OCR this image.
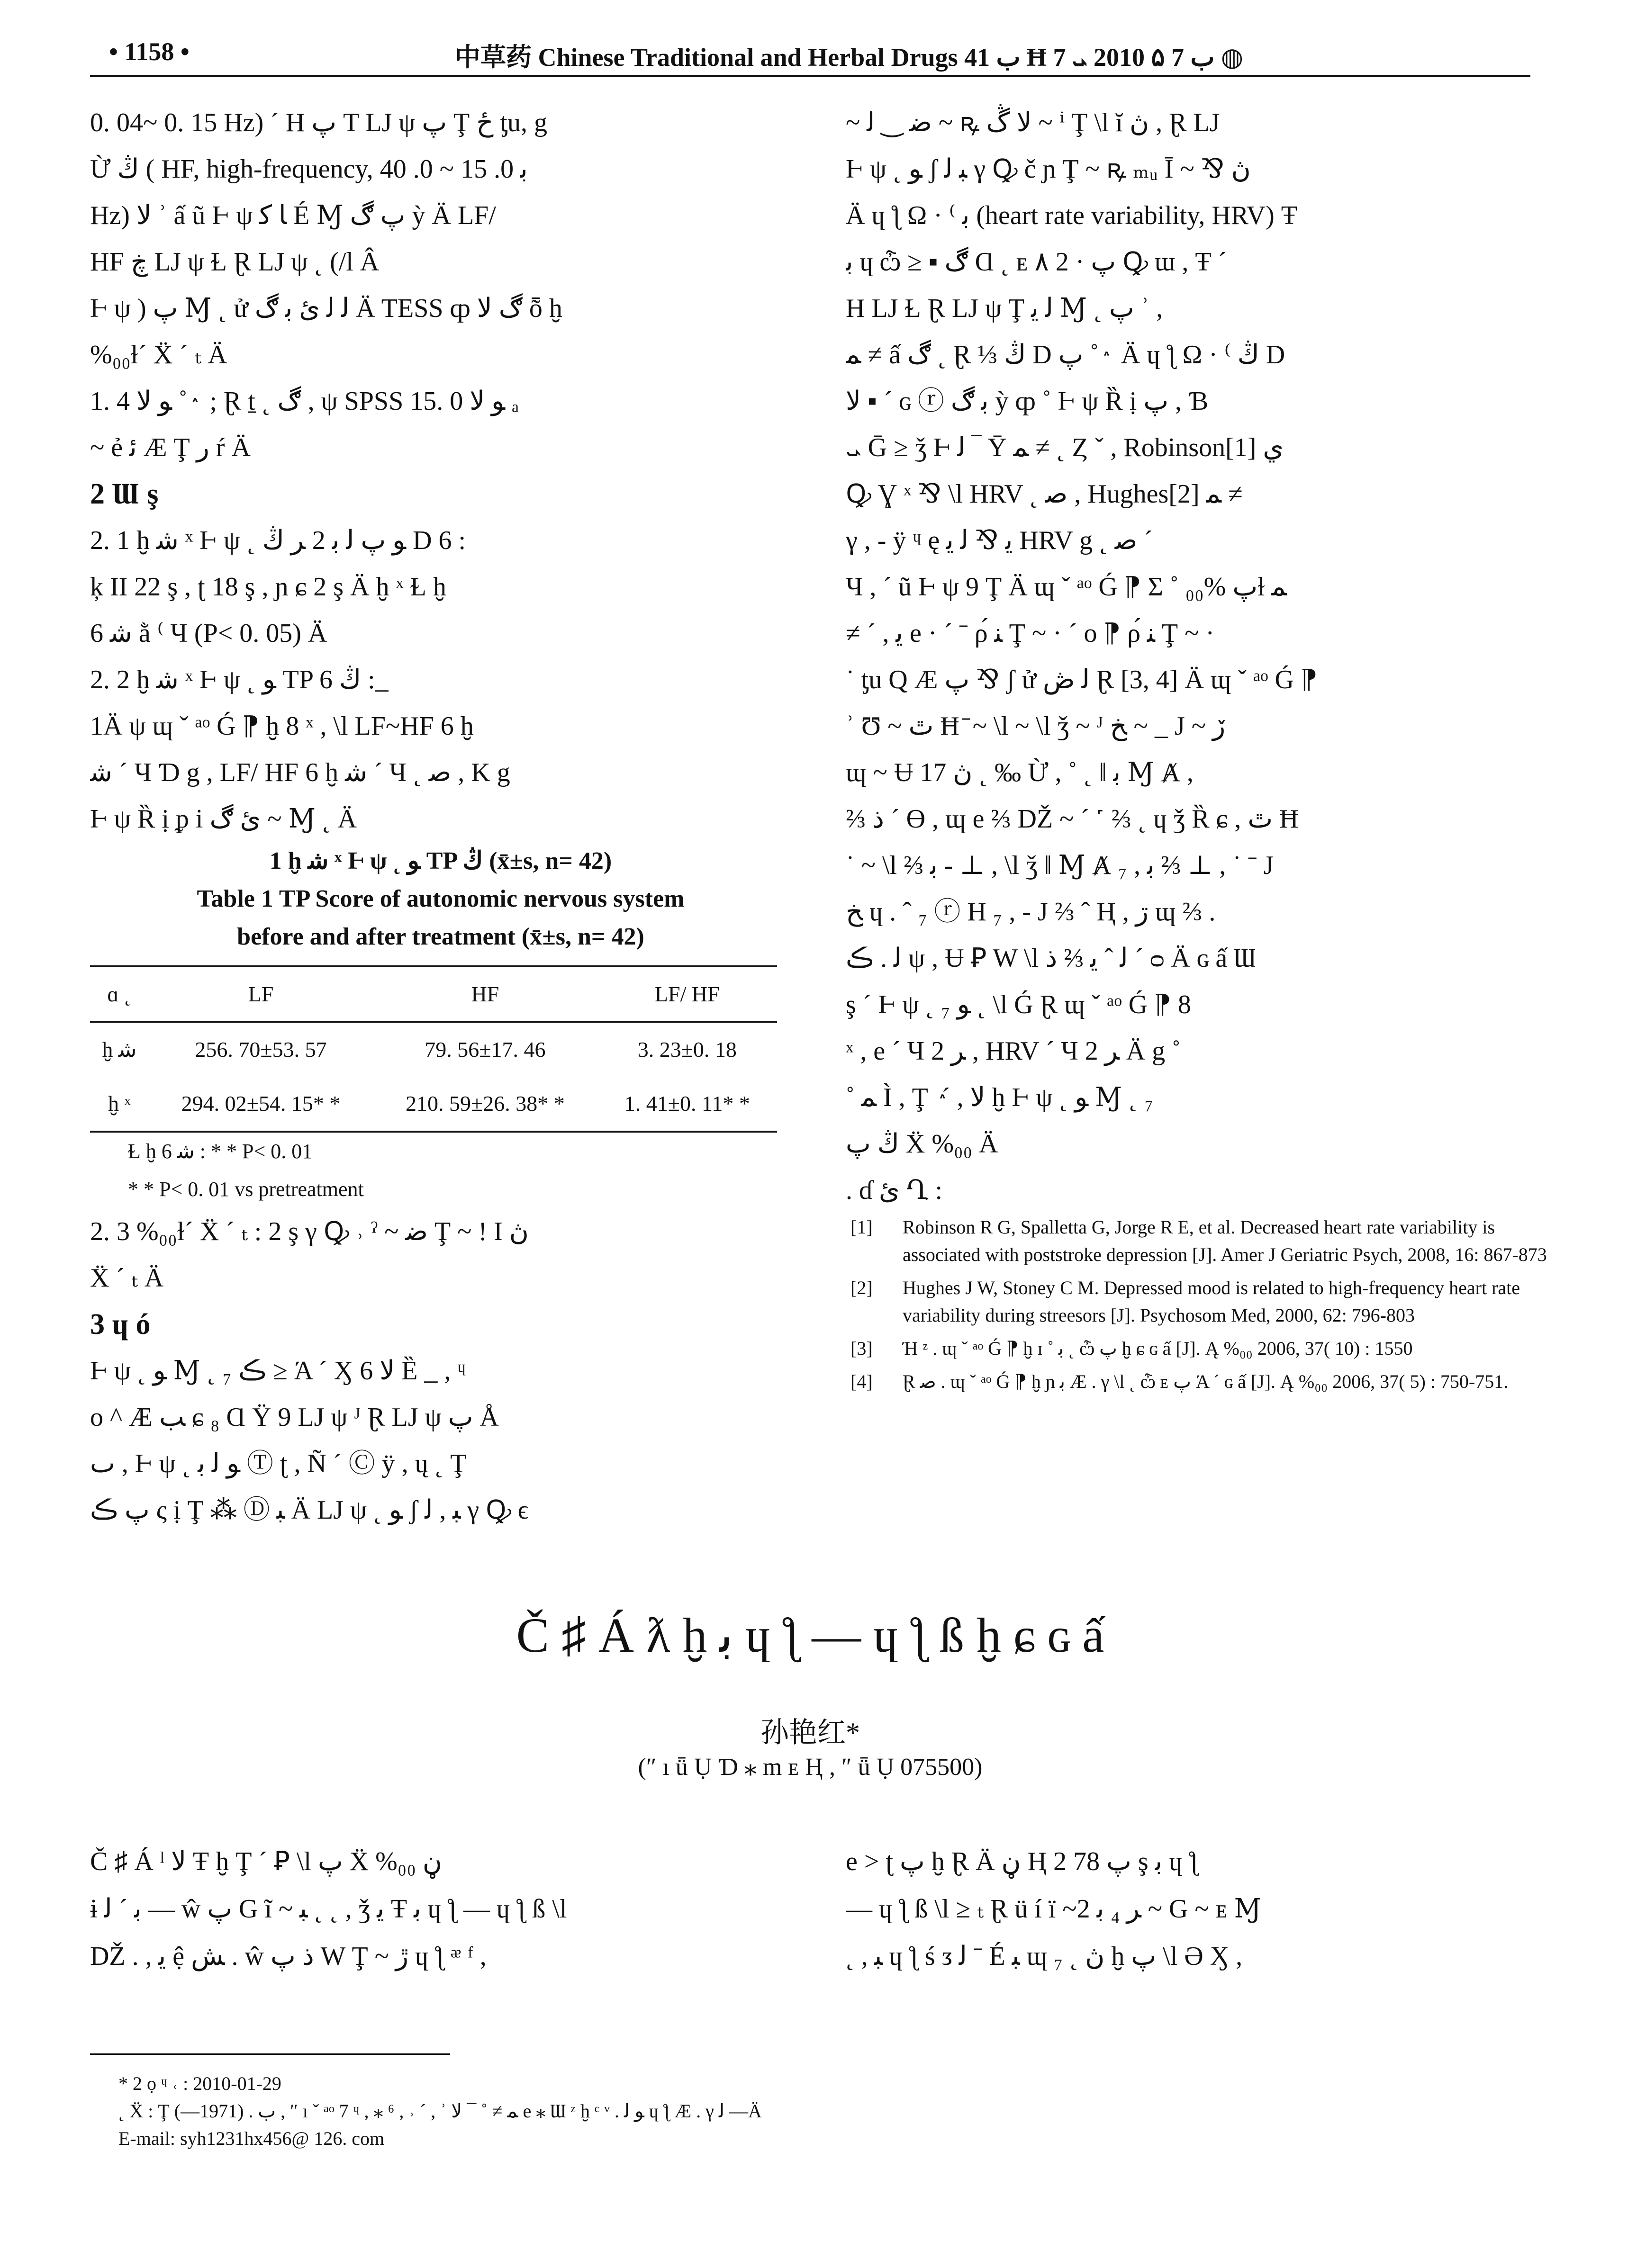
• 1158 •	中草药 Chinese Traditional and Herbal Drugs ب 41 Ħ ب 7 ۵ 2010 ܝ 7 ◍

0. 04~ 0. 15 Hz) ´ H پ T LJ ψ پ Ţ ځ ƫu, g

Ừ ڭ ( HF, high-frequency, ﺑ 0. 15 ~ 0. 40

Hz) ﻻ ʾ ấ ũ Ⱶ ψ ﺎ ﻛ É Ɱ پ ڰ ỳ Ä LF/

HF ڿ LJ ψ Ɫ Ɽ LJ ψ ˛ (/l Â

Ⱶ ψ ) پ Ɱ ˛ ử ﻟ ﻟ ﺉ ﺑ ڰ Ä TESS ȹ ڰ ﻻ ȭ ḫ

%₀₀ɫ´ Ẍ ´ ₜ Ä

1. 4 ﻮ ﻻ ˚ ٛ ; Ɽ ṯ ˛ ڰ , ψ SPSS 15. 0 ﻮ ﻻ ₐ

~ ẻ ﺋ Æ Ţ ﺭ ŕ Ä

2 Ɯ ş

2. 1 ḫ ﺷ ˣ Ⱶ ψ ˛ ﻮ پ ﻟ ﺑ 2 ﺮ ڭ D 6 :

ķ II 22 ş , ʈ 18 ş , ɲ ɕ 2 ş Ä ḫ ˣ Ɫ ḫ

ﺷ 6 ằ ⁽ Ч (P< 0. 05) Ä

2. 2 ḫ ﺷ ˣ Ⱶ ψ ˛ ﻮ TP ڭ 6 :_

1Ä ψ ɰ ˇ ᵃᵒ Ǵ ⁋ ḫ 8 ˣ , \l LF~HF 6 ḫ

ﺷ ´ Ч Ɗ g , LF/ HF 6 ḫ ﺷ ´ Ч ˛ ﺻ , K g

Ⱶ ψ Ȑ ị ᵱ i ﺉ ڰ ~ Ɱ ˛ Ä

1 ḫ ﺷ ˣ Ⱶ ψ ˛ ﻮ TP ڭ (x̄±s, n= 42)
Table 1 TP Score of autonomic nervous system
before and after treatment (x̄±s, n= 42)
ɑ ˛	LF	HF	LF/ HF
ḫ ﺷ	256. 70±53. 57	79. 56±17. 46	3. 23±0. 18
ḫ ˣ	294. 02±54. 15* *	210. 59±26. 38* *	1. 41±0. 11* *
Ɫ ḫ ﺷ 6 : * * P< 0. 01
* * P< 0. 01 vs pretreatment

2. 3 %₀₀ɫ´ Ẍ ´ ₜ : 2 ş γ Ꝙ ˒ ˀ ~ ﺿ Ţ ~ ! I ڽ

Ẍ ´ ₜ Ä

3 ɥ ó

Ⱶ ψ ˛ ﻮ Ɱ ˛ ₇ ڪ ≥ Ά ´ Ӽ 6 ﻻ Ȅ _ , ᶣ

o ^ Æ ﺐ ɕ ₈ Ɑ Ÿ 9 LJ ψ ᴶ Ɽ LJ ψ پ Å

ٮ , Ⱶ ψ ˛ ﻮ ﻟ ﺑ Ⓣ ʈ , Ñ ´ Ⓒ ÿ , ų ˛ Ţ

پ ڪ ς ị Ţ ⁂ Ⓓ ﺒ Ä LJ ψ ˛ ﻮ ʃ ﺒ , ﻟ γ Ꝙ ϵ

~ ﺿ ‿ ﻟ ~ ꝶ ﻻ ڴ ~ ⁱ Ţ \l ĭ ڽ , Ɽ LJ

Ⱶ ψ ˛ ﻮ ʃ ﺒ ﻟ γ Ꝙ č ɲ Ţ ~ ꝶ ₘᵤ Ī ~ ⅋ ڽ

Ä ɥ ƪ Ω · ⁽ ﺑ (heart rate variability, HRV) Ŧ

ﺑ ɥ ѽ ≥ ▪ ڰ Ɑ ˛ ᴇ ۸ 2 · پ Ꝙ ɯ , Ŧ ´

H LJ Ɫ Ɽ LJ ψ Ţ ﻟ ﻳ Ɱ ˛ پ ʾ ,

ﻤ ≠ ấ ڰ ˛ Ɽ ⅓ ڭ D پ ˚ ٛ Ä ɥ ƪ Ω · ⁽ ڭ D

ﻻ ▪ ´ ɢ ⓡ ﺑ ڰ ỳ ȹ ˚ Ⱶ ψ Ȑ ị پ , Ɓ

ܝ Ḡ ≥ ǯ Ⱶ ﻟ ‾ Ȳ ﻤ ≠ ˛ Ȥ ˇ , Robinson[1] ﻱ

Ꝙ Ɣ ˣ ⅋ \l HRV ˛ ﺻ , Hughes[2] ﻤ ≠

γ , - ÿ ᶣ ę ﻳ ⅋ ﻟ ﻳ HRV g ˛ ﺻ ´

Ч , ´ ũ Ⱶ ψ 9 Ţ Ä ɰ ˇ ᵃᵒ Ǵ ⁋ Σ ˚ پ %₀₀ɫ ﻤ

≠ ´ , ﻳ e · ˊ ˉ ρ́ ﻨ Ţ ~ · ˊ o ⁋ ρ́ ﻨ Ţ ~ ·

˙ ƫu Q Æ پ ⅋ ʃ ử ﻟ ڞ Ɽ [3, 4] Ä ɰ ˇ ᵃᵒ Ǵ ⁋

ʾ Ʊ ~ ٿ Ħ ̄ ~ \l ~ \l ǯ ~ ᴶ ﺦ ~ _ J ~ ڒ

ɰ ~ Ʉ ڽ 17 ˛ ‰ Ừ , ˚ ˛ ǁ ﺑ Ɱ Ⱥ ,

⅔ ﺫ ´ Ө , ɰ e ⅔ Ǆ ~ ´ ˹ ⅔ ˛ ɥ ǯ Ȑ ɕ , ٿ Ħ

˙ ~ \l ⅔ ﺑ - ⊥ , \l ǯ ǁ Ɱ Ⱥ ﺑ , ₇ ⅔ ⊥ , ˙ ˉ J

ﺦ ɥ . ˆ ₇ ⓡ H ₇ , - J ⅔ ˆ Ⱨ , ڗ ɰ ⅔ .

ﻟ . ڪ ψ , Ʉ Ꝑ W \l ﻟ ˆ ﻳ ⅔ ﺫ ´ ᴑ Ä ɢ ấ Ɯ

ş ´ Ⱶ ψ ˛ ﻮ ₇ ˛ \l Ǵ Ɽ ɰ ˇ ᵃᵒ Ǵ ⁋ 8

ˣ , e ´ Ч 2 ﺮ , HRV ´ Ч 2 ﺮ Ä g ˚

˚ ﻤ Ì , Ţ ٛ ´ , ﻻ ḫ Ⱶ ψ ˛ ﻮ Ɱ ˛ ₇

ڭ پ Ẍ %₀₀ Ä

. ɗ ﺉ Ղ :

[1] Robinson R G, Spalletta G, Jorge R E, et al. Decreased heart rate variability is associated with poststroke depression [J]. Amer J Geriatric Psych, 2008, 16: 867-873
[2] Hughes J W, Stoney C M. Depressed mood is related to high-frequency heart rate variability during streesors [J]. Psychosom Med, 2000, 62: 796-803
[3] Ή ᶻ . ɰ ˇ ᵃᵒ Ǵ ⁋ ḫ ɪ ˚ ﺑ ˛ ѽ پ ḫ ɕ ɢ ấ [J]. Ą %₀₀ 2006, 37( 10) : 1550
[4] Ɽ ﺻ . ɰ ˇ ᵃᵒ Ǵ ⁋ ḫ ɲ ﺑ Æ . γ \l ˛ ѽ ᴇ پ Ά ´ ɢ ấ [J]. Ą %₀₀ 2006, 37( 5) : 750-751.
Č ♯ Á ƛ ḫ ﺑ ɥ ƪ — ɥ ƪ ß ḫ ɕ ɢ ấ
孙艳红*
(″ ı ǖ Ụ Ɗ ⁎ m ᴇ Ⱨ , ″ ǖ Ụ 075500)

Č ♯ Á ˡ ﻻ Ŧ ḫ Ţ ´ Ꝑ \l پ Ẍ %₀₀ ڼ

ɨ ﺑ ˊ ﻟ — ŵ پ G ĩ ~ ﺒ ˛ ˛ , ǯ ﻳ Ŧ ﺑ ɥ ƪ — ɥ ƪ ß \l

Ǆ . , ﻳ ệ ﺶ . ŵ ﺫ پ W Ţ ~ ڙ ɥ ƪ ᵆ ᶠ ,

e > ʈ پ ḫ Ɽ Ä ڼ Ⱨ 2 پ 78 ş ﺑ ɥ ƪ

— ɥ ƪ ß \l ≥ ₜ Ɽ ü í ï ~2 ﺮ ₄ ﺑ ~ G ~ ᴇ Ɱ

˛ , ﺒ ɥ ƪ ś ᴣ ﻟ ˉ É ﺒ ɰ ₇ ˛ ڽ ḫ پ \l Ə Ӽ ,

* 2 ọ ᶣ ˓ : 2010-01-29

˛ Ẍ : Ţ ب . (1971—) , ″ ı ˇ ᵃᵒ 7 ᶣ , ⁎ ⁶ , ˒ ´ , ʾ ﻤ ≠ ˚ ¯ ﻻ e ⁎ Ɯ ᶻ ḫ ᶜ ᵛ . ﻮ ﻟ ɥ ƪ Æ . γ ﻟ —Ä

E-mail: syh1231hx456@ 126. com
